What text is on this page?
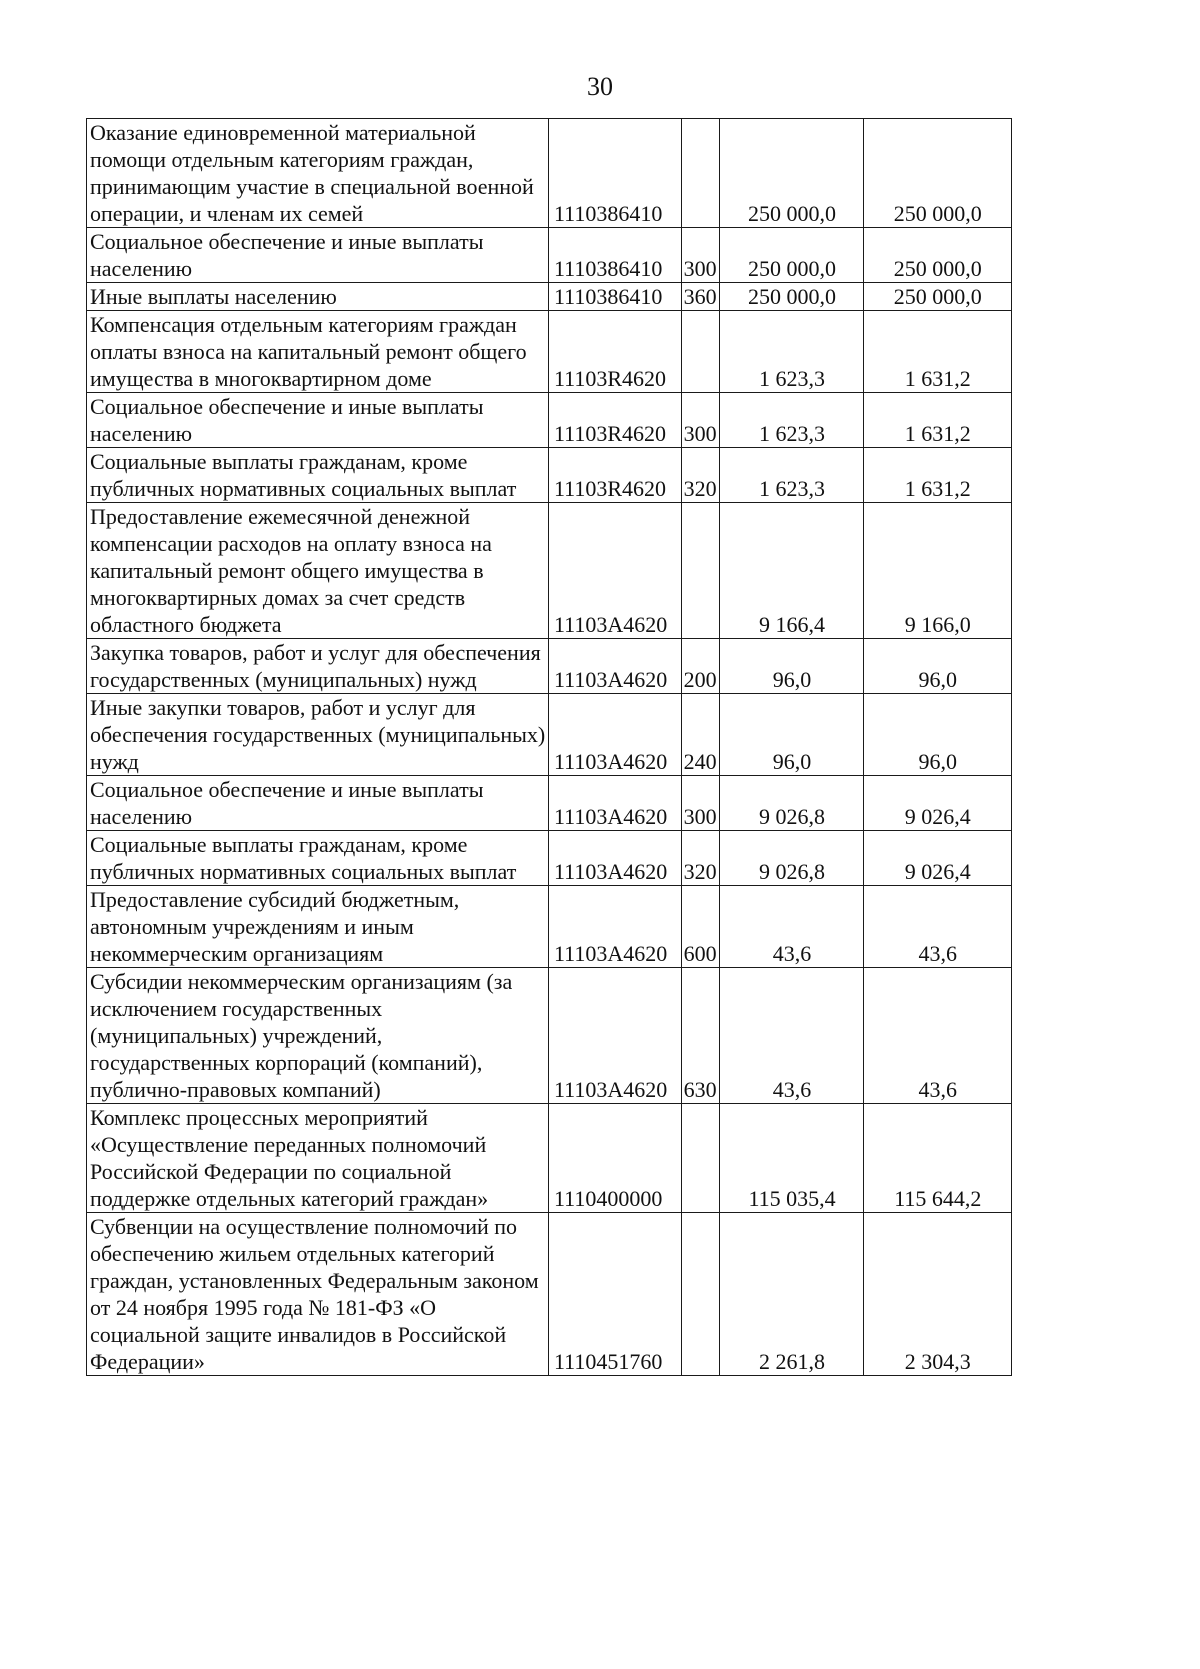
30
Оказание единовременной материальной помощи отдельным категориям граждан, принимающим участие в специальной военной операции, и членам их семей	1110386410		250 000,0	250 000,0
Социальное обеспечение и иные выплаты населению	1110386410	300	250 000,0	250 000,0
Иные выплаты населению	1110386410	360	250 000,0	250 000,0
Компенсация отдельным категориям граждан оплаты взноса на капитальный ремонт общего имущества в многоквартирном доме	11103R4620		1 623,3	1 631,2
Социальное обеспечение и иные выплаты населению	11103R4620	300	1 623,3	1 631,2
Социальные выплаты гражданам, кроме публичных нормативных социальных выплат	11103R4620	320	1 623,3	1 631,2
Предоставление ежемесячной денежной компенсации расходов на оплату взноса на капитальный ремонт общего имущества в многоквартирных домах за счет средств областного бюджета	11103A4620		9 166,4	9 166,0
Закупка товаров, работ и услуг для обеспечения государственных (муниципальных) нужд	11103A4620	200	96,0	96,0
Иные закупки товаров, работ и услуг для обеспечения государственных (муниципальных) нужд	11103A4620	240	96,0	96,0
Социальное обеспечение и иные выплаты населению	11103A4620	300	9 026,8	9 026,4
Социальные выплаты гражданам, кроме публичных нормативных социальных выплат	11103A4620	320	9 026,8	9 026,4
Предоставление субсидий бюджетным, автономным учреждениям и иным некоммерческим организациям	11103A4620	600	43,6	43,6
Субсидии некоммерческим организациям (за исключением государственных (муниципальных) учреждений, государственных корпораций (компаний), публично-правовых компаний)	11103A4620	630	43,6	43,6
Комплекс процессных мероприятий «Осуществление переданных полномочий Российской Федерации по социальной поддержке отдельных категорий граждан»	1110400000		115 035,4	115 644,2
Субвенции на осуществление полномочий по обеспечению жильем отдельных категорий граждан, установленных Федеральным законом от 24 ноября 1995 года № 181-ФЗ «О социальной защите инвалидов в Российской Федерации»	1110451760		2 261,8	2 304,3
